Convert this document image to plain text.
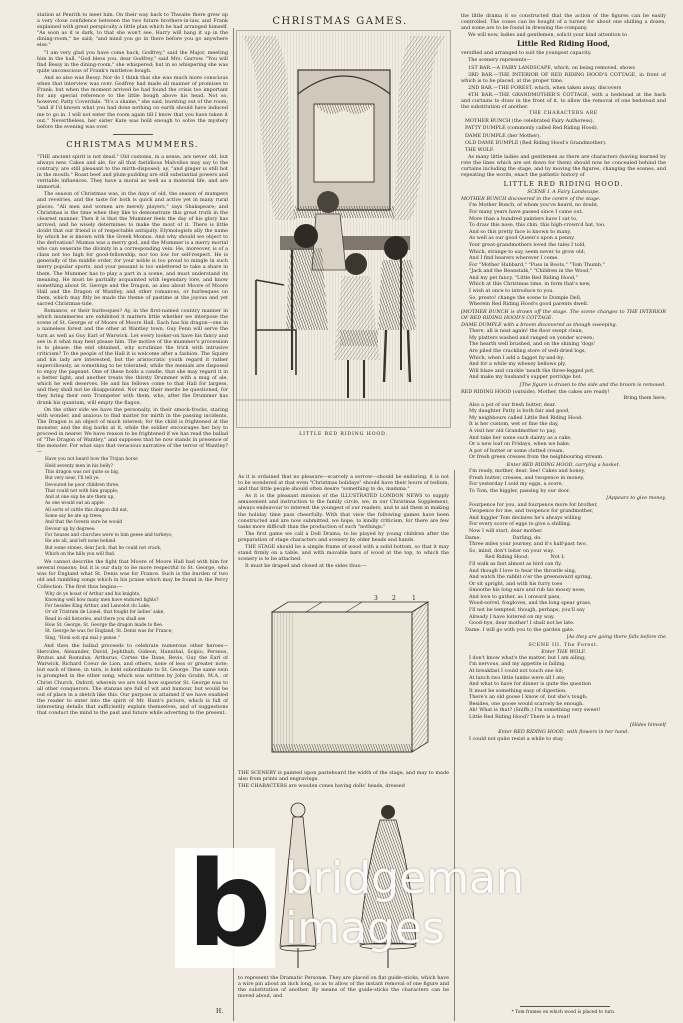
CHRISTMAS GAMES.

station at Penrith to meet him. On their way back to Thwaite there grew up a very close confidence between the two future brothers-in-law, and Frank explained with great perspicuity a little plan which he had arranged himself. "As soon as it is dark, to that she won't see, Harry will hang it up in the dining-room," he said; "and mind you go in there before you go anywhere else."

"I am very glad you have come back, Godfrey," said the Major, meeting him in the hall. "God bless you, dear Godfrey," said Mrs. Garrow. "You will find Bessy in the dining-room," she whispered; but in so whispering she was quite unconscious of Frank's mistletoe bough.

And so also was Bessy. Nor do I think that she was much more conscious when that interview was over. Godfrey had made all manner of promises to Frank; but when the moment arrived he had found the crisis too important for any special reference to the little bough above his head. Not so, however, Patty Coverdale. "It's a shame," she said, bursting out of the room; "and if I'd known what you had done nothing on earth should have induced me to go in. I will not enter the room again till I know that you have taken it out." Nevertheless, her sister Kate was bold enough to solve the mystery before the evening was over.

CHRISTMAS MUMMERS.

"THE ancient spirit is not dead." Old customs, in a sense, are never old, but always new. Cakes and ale, for all that fastidious Malvolios may say to the contrary, are still pleasant to the mirth-disposed; ay, "and ginger is still hot in the mouth." Roast beef and plum-pudding are still substantial powers and veritable influences. They have a moral as well as a material life, and are immortal.

The season of Christmas was, in the days of old, the season of mumpers and revelries, and the taste for both is quick and active yet in many rural places. "All men and women are merely players," says Shakspeare; and Christmas is the time when they like to demonstrate this great truth in the clearest manner. Then it is that the Mummer feels the day of his glory has arrived, and he wisely determines to make the most of it. There is little doubt that our friend is of respectable antiquity. Etymologists ally the name by which he is known with the Greek Momus. And why should we object to the derivation? Mumus was a merry god, and the Mummer is a merry mortal who can venerate the divinity in a corresponding vein. He, moreover, is of a class not too high for good-fellowship, nor too low for self-respect. He is generally of the middle order, for your noble is too proud to mingle in such merry popular sports, and your peasant is too unlettered to take a share in them. The Mummer has to play a part in a scene, and must understand its meaning. He must be partially acquainted with legendary lore, and know something about St. George and the Dragon, as also about Moore of Moore Hall and the Dragon of Wantley, and other romances, or burlesques on them, which may fitly be made the theme of pastime at the joyous and yet sacred Christmas-tide.

Romance, or their burlesques? Ay, in the first-named country manner in which mummeries are exhibited it matters little whether we interpose the scene of St. George or of Moore of Moore Hall. Each has his dragon—one in a nameless forest and the other at Wantley town. Guy Fenn will serve the turn as well as Guy Earl of Warwick. Let every looker-on have his fancy and see in it what may best please him. The motive of the mummer's procession is to please: the end obtained, why scrutinize the trick with intrusive criticism? To the people of the Hall it is welcome after a fashion. The Squire and his lady are interested, but the aristocratic youth regard it rather superciliously, as something to be tolerated; while the menials are disposed to enjoy the pageant. One of these holds a candle, that she may regard it in a better light; and another treats the thirsty Drummer with a mug of ale, which he well deserves. He and his fellows come to that Hall for largess, and they shall not be disappointed. Nor may their merits be questioned, for they bring their own Trumpeter with them, who, after the Drummer has drunk his quantum, will empty the flagon.

On the other side we have the personalty, in their smock-frocks, staring with wonder, and anxious to find matter for mirth in the passing incidents. The Dragon is an object of much interest; for the child is frightened at the monster, and the dog barks at it, while the soldier encourages her boy to proceed in nearer. We have reason to be frightened if we has read the ballad of "The Dragon of Wantley," and supposes that he now stands in presence of the monster. For what says that veracious narrative of the terror of Wantley?—

Have you not heard how the Trojan horse

Held seventy men in his belly?

This dragon was not quite so big,

But very near, I'll tell ye.

Devoured he poor children three,

That could not with him grapple;

And at one sup he ate them up,

As one would eat an apple.

All sorts of cattle this dragon did eat,

Some say he ate up trees;

And that the forests sure he would

Devour up by degrees:

For houses and churches were to him geese and turkeys;

He ate all, and left none behind

But some stones, dear Jack, that he could not crack,

Which on the hills you will find.

We cannot describe the fight that Moore of Moore Hall had with him for several reasons; but it is our duty to be more respectful to St. George, who was for England what St. Denis was for France. Such is the burden of two old and rambling songs which in his praise which may be found in the Percy Collection. The first thus begins:—

Why do ye boast of Arthur and his knights,

Knowing well how many men have endured fights?

For besides King Arthur, and Lancelot du Lake,

Or sir Tristram de Lionel, that fought for ladies' sake,

Read in old histories, and there you shall see

How St. George, St. George the dragon made to flee.

St. George he was for England; St. Denis was for France;

Sing, "Honi soit qui mal y pense."

And then the ballad proceeds to celebrate numerous other heroes—Hercules, Alexander, David, Jephthah, Gideon, Hannibal, Scipio, Perseus, Brutus and Romulus, Arthurus, Cortes the Dane, Bevis, Guy the Earl of Warwick, Richard Coeur de Lion, and others, none of less or greater note; but each of these, in turn, is held subordinate to St. George. The same vein is prompted in the other song, which was written by John Grubb, M.A., of Christ Church, Oxford, wherein we are told how superior St. George was to all other conquerors. The stanzas are full of wit and humour, but would be out of place in a sketch like this. Our purpose is attained if we have enabled the reader to enter into the spirit of Mr. Hunt's picture, which is full of interesting details that sufficiently explain themselves, and of suggestions that conduct the mind to the past and future while adverting to the present.

H.
LITTLE RED RIDING HOOD.

the little drama it so constructed that the action of the figures can be easily controlled. The cones can be bought of a turner for about one shilling a dozen, and some are to be found in dressing the company.

We will now, ladies and gentlemen, solicit your kind attention to

Little Red Riding Hood,

versified and arranged to suit the youngest capacity.

The scenery represents—

1ST BAR.—A FAIRY LANDSCAPE, which, on being removed, shows

3RD BAR.—THE INTERIOR OF RED RIDING HOOD'S COTTAGE, in front of which is to be placed, at the proper time,

2ND BAR.—THE FOREST, which, when taken away, discovers

4TH BAR.—THE GRANDMOTHER'S COTTAGE, with a bedstead at the back and curtains to draw in the front of it, to allow the removal of one bedstead and the substitution of another.

THE CHARACTERS ARE

MOTHER BUNCH (the celebrated Fairy Authoress).

PATTY DUMPLE (commonly called Red Riding Hood).

DAME DUMPLE (her Mother).

OLD DAME DUMPLE (Red Riding Hood's Grandmother).

THE WOLF.

As many little ladies and gentlemen as there are characters (having learned by rote the lines which are set down for them) should now be concealed behind the curtains including the stage, and by moving the figures, changing the scenes, and repeating the words, enact the pathetic history of

LITTLE RED RIDING HOOD.

SCENE I. A Fairy Landscape.

MOTHER BUNCH discovered in the centre of the stage.

I'm Mother Bunch, of whom you've heard, no doubt,

For many years have passed since I came out.

More than a hundred painters have I sat to,

To draw this nose, this chin, this high-crown'd hat, too.

And so this pretty face is known to many,

As well as our good Queen's upon a penny.

Your great-grandmothers loved the tales I told,

Which, strange to say, seem never to grow old;

And I find hearers wherever I come.

For "Mother Hubbard," "Puss in Boots," "Tom Thumb,"

"Jack and the Beanstalk," "Children in the Wood,"

And my pet fancy, "Little Red Riding Hood,"

Which at this Christmas time, in form that's new,

I wish at once to introduce to you.

So, presto! change the scene to Dumple Dell,

Wherein Red Riding Hood's good parents dwell.

[MOTHER BUNCH is drawn off the stage. The scene changes to THE INTERIOR OF RED RIDING HOOD'S COTTAGE.

DAME DUMPLE with a broom discovered as though sweeping.

There, all is neat again! the floor swept clean,

My platters washed and ranged on yonder screen;

The hearth well brushed, and on the shining 'dogs'

Are piled the crackling store of well-dried logs,

Which, when I add a faggot by-and-by,

And for a while my wheezy bellows ply,

Will blaze and crackle 'neath the three-legged pot,

And make my husband's supper porridge hot.

[The figure is drawn to the side and the broom is removed.

RED RIDING HOOD (outside). Mother, the cakes are ready!

Bring them here;

Also a pot of our fresh butter, dear.

My daughter Patty is both fair and good,

My neighbours called Little Red Riding Hood.

It is her custom, wet or fine the day,

A visit her old Grandmother to pay,

And take her some such dainty as a cake,

Or a new loaf on Fridays, when we bake,

A pot of butter or some clotted cream,

Or fresh green cresses from the neighbouring stream.

Enter RED RIDING HOOD, carrying a basket.

I'm ready, mother, dear. See! Cakes and honey,

Fresh butter, cresses, and twopence in money,

For yesterday I sold my eggs, a score,

To Tom, the higgler, passing by our door.

[Appears to give money.

Fourpence for you, and fourpence more for brother,

Twopence for me, and twopence for grandmother,

And higgler Tom declares he's always willing

For every score of eggs to give a shilling.

Now I will start, dear mother.

Dame.	Darling, do.

Three miles your journey, and it's half-past two.

So, mind, don't loiter on your way.

Red Riding Hood.	Not I;

I'll walk as fast almost as bird can fly.

And though I love to hear the throstle sing,

And watch the rabbit o'er the greensward spring,

Or sit upright, and with his furry toes

Smoothe his long ears and rub his mossy nose,

And love to gather, as I onward pass,

Wood-sorrel, foxgloves, and the long spear grass,

I'll not be tempted, though, perhaps, you'll say

Already I have loitered on my way.

Good-bye, dear mother! I shall not be late.

Dame. I will go with you to the garden gate.

[As they are going there falls before the

SCENE III. The Forest.

Enter THE WOLF.

I don't know what's the matter, but I am ailing;

I'm nervous, and my appetite is failing.

At breakfast I could not touch one bit;

At lunch two little lambs were all I ate;

And what to have for dinner is quite the question

It must be something easy of digestion.

There's an old goose I know of, but she's tough;

Besides, one goose would scarcely be enough.

Ah! What is that? (Sniffs.) I'm something very sweet!

Little Red Riding Hood? There is a treat!

[Hides himself

Enter RED RIDING HOOD, with flowers in her hand.

I could not quite resist a while to stay.

* Tom frames on which wood is placed to turn.

As it is ordained that no pleasure—scarcely a sorrow—should be enduring, it is not to be wondered at that even "Christmas holidays" should have their hours of tedium, and that little people should often desire "something to do, mamma."

As it is the pleasant mission of the ILLUSTRATED LONDON NEWS to supply amusement and instruction to the family circle, we, in our Christmas Supplement, always endeavour to interest the youngest of our readers, and to aid them in making the holiday time pass cheerfully. With that view the following games have been constructed and are now submitted, we hope, to kindly criticism, for there are few tasks more difficult than the production of such "nothings."

The first game we call a Doll Drama, to be played by young children after the preparation of stage characters and scenery by older heads and hands.

THE STAGE should be a simple frame of wood with a solid bottom, so that it may stand firmly on a table, and with movable bars of wood at the top, to which the scenery is to be attached.

It must be draped and closed at the sides thus:—

3 2	1

THE SCENERY is painted upon pasteboard the width of the stage, and may to made also from prints and engravings.

THE CHARACTERS are wooden cones having dolls' heads, dressed

to represent the Dramatic Personæ. They are placed on flat guide-sticks, which have a wire pin about an inch long, so as to allow of the instant removal of one figure and the substitution of another. By means of the guide-sticks the characters can be moved about, and

b bridgeman
images
